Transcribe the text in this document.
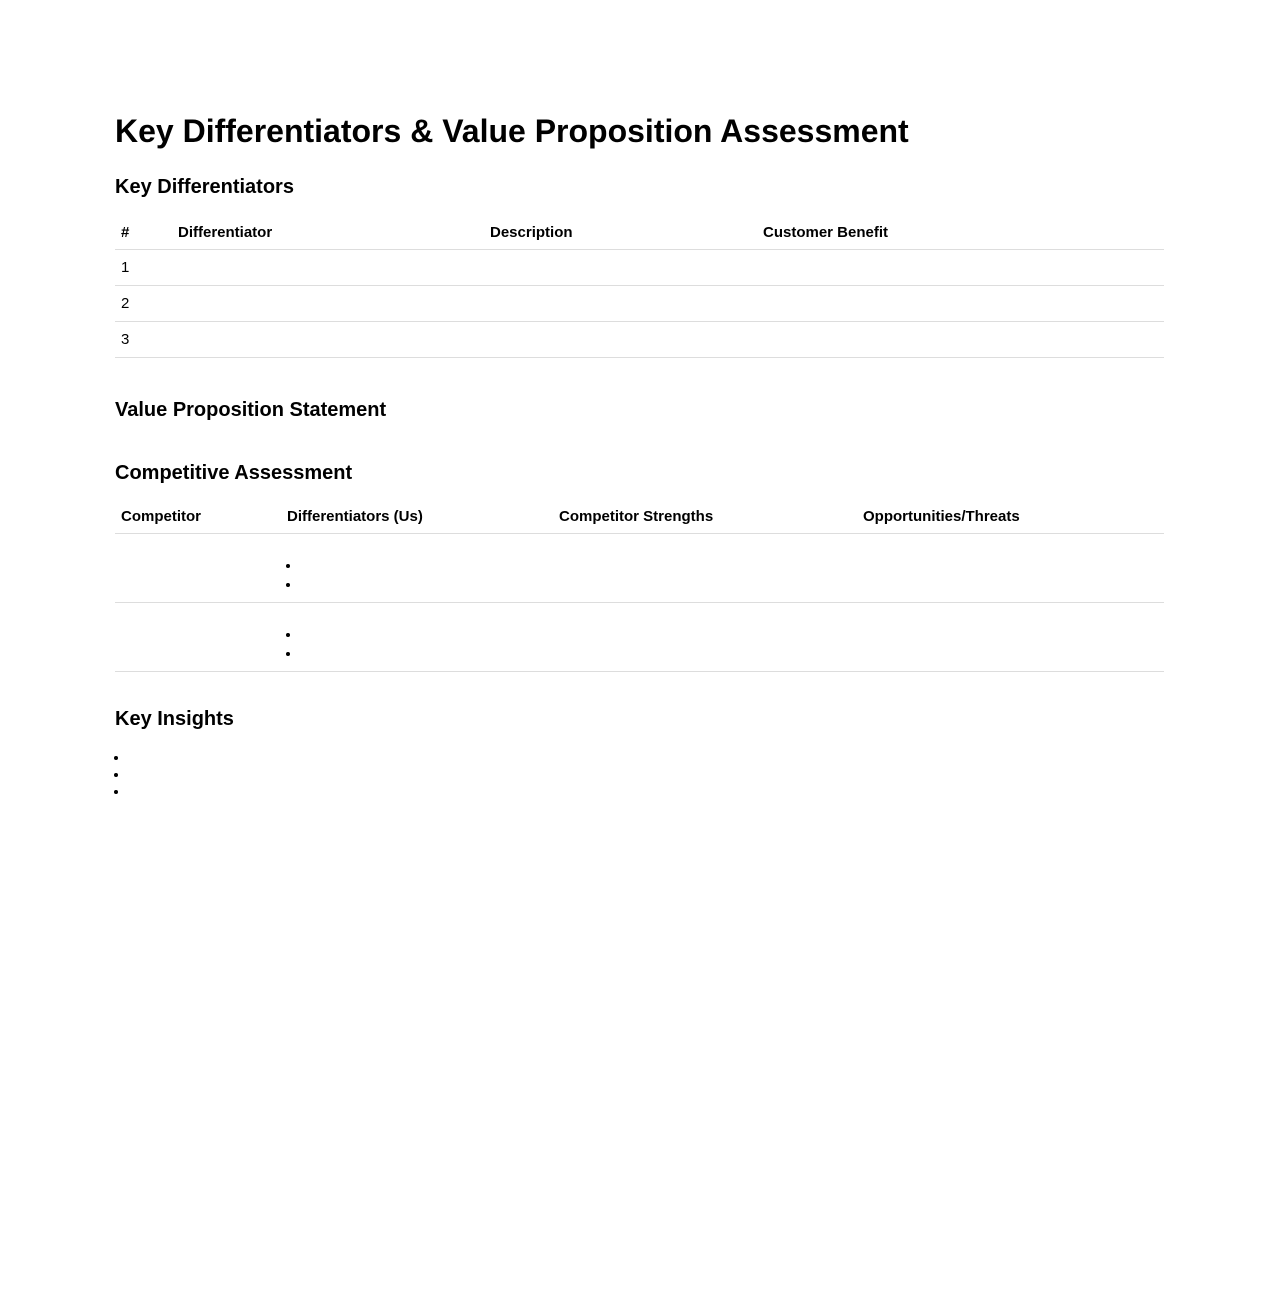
Key Differentiators & Value Proposition Assessment
Key Differentiators
#	Differentiator	Description	Customer Benefit
1			
2			
3			
Value Proposition Statement
Competitive Assessment
Competitor	Differentiators (Us)	Competitor Strengths	Opportunities/Threats

•
•

•
•

Key Insights
•
•
•
